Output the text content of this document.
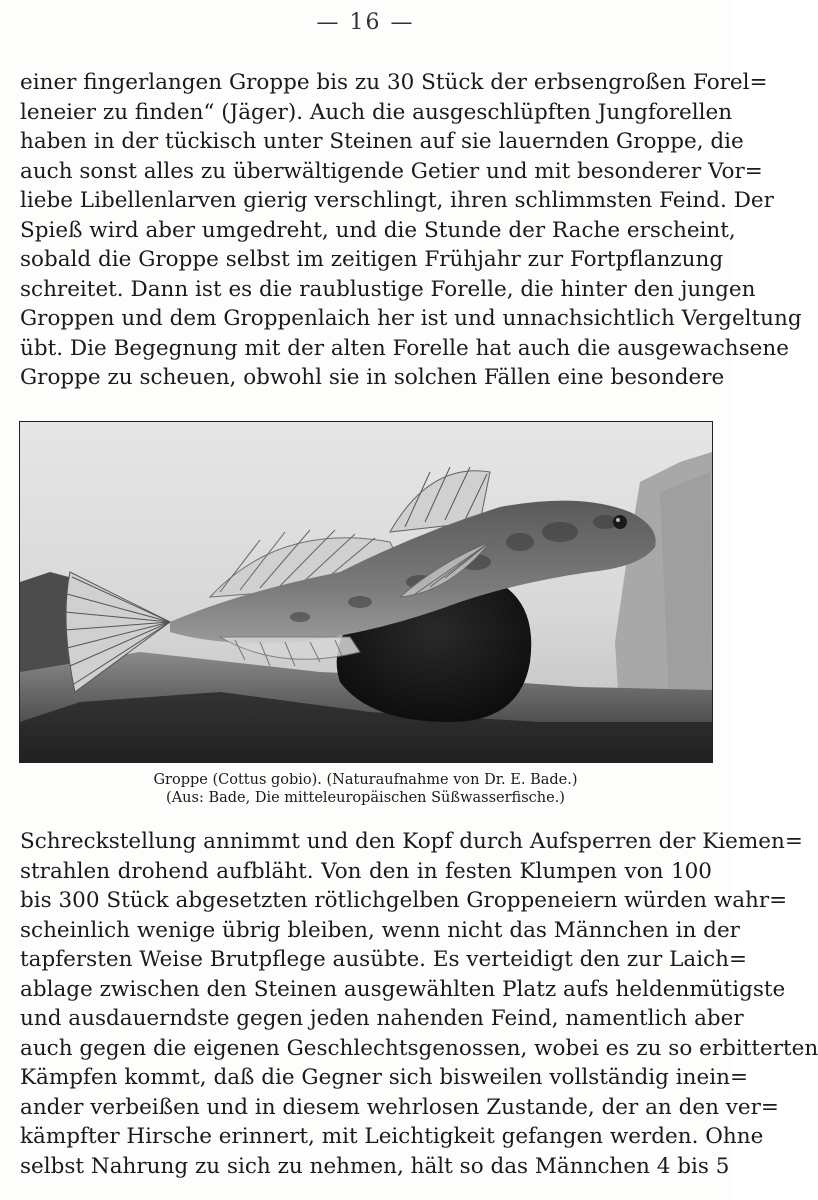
— 16 —
einer fingerlangen Groppe bis zu 30 Stück der erbsengroßen Forel=
leneier zu finden“ (Jäger). Auch die ausgeschlüpften Jungforellen
haben in der tückisch unter Steinen auf sie lauernden Groppe, die
auch sonst alles zu überwältigende Getier und mit besonderer Vor=
liebe Libellenlarven gierig verschlingt, ihren schlimmsten Feind. Der
Spieß wird aber umgedreht, und die Stunde der Rache erscheint,
sobald die Groppe selbst im zeitigen Frühjahr zur Fortpflanzung
schreitet. Dann ist es die raublustige Forelle, die hinter den jungen
Groppen und dem Groppenlaich her ist und unnachsichtlich Vergeltung
übt. Die Begegnung mit der alten Forelle hat auch die ausgewachsene
Groppe zu scheuen, obwohl sie in solchen Fällen eine besondere
Groppe (Cottus gobio). (Naturaufnahme von Dr. E. Bade.)
(Aus: Bade, Die mitteleuropäischen Süßwasserfische.)
Schreckstellung annimmt und den Kopf durch Aufsperren der Kiemen=
strahlen drohend aufbläht. Von den in festen Klumpen von 100
bis 300 Stück abgesetzten rötlichgelben Groppeneiern würden wahr=
scheinlich wenige übrig bleiben, wenn nicht das Männchen in der
tapfersten Weise Brutpflege ausübte. Es verteidigt den zur Laich=
ablage zwischen den Steinen ausgewählten Platz aufs heldenmütigste
und ausdauerndste gegen jeden nahenden Feind, namentlich aber
auch gegen die eigenen Geschlechtsgenossen, wobei es zu so erbitterten
Kämpfen kommt, daß die Gegner sich bisweilen vollständig inein=
ander verbeißen und in diesem wehrlosen Zustande, der an den ver=
kämpfter Hirsche erinnert, mit Leichtigkeit gefangen werden. Ohne
selbst Nahrung zu sich zu nehmen, hält so das Männchen 4 bis 5
